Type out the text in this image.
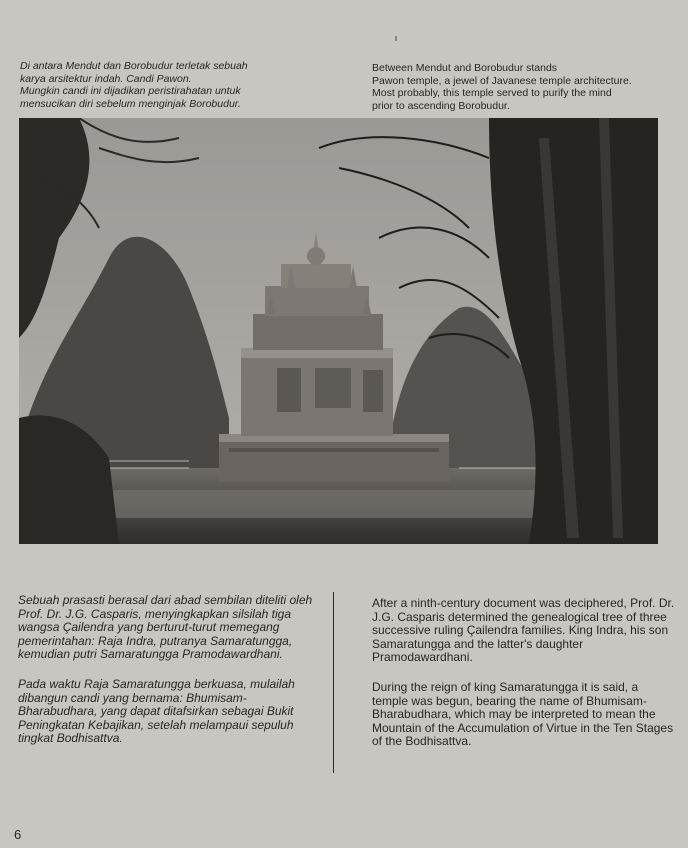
Di antara Mendut dan Borobudur terletak sebuah

karya arsitektur indah. Candi Pawon.

Mungkin candi ini dijadikan peristirahatan untuk

mensucikan diri sebelum menginjak Borobudur.

Between Mendut and Borobudur stands

Pawon temple, a jewel of Javanese temple architecture.

Most probably, this temple served to purify the mind

prior to ascending Borobudur.

Sebuah prasasti berasal dari abad sembilan diteliti oleh Prof. Dr. J.G. Casparis, menyingkapkan silsilah tiga wangsa Çailendra yang berturut-turut memegang pemerintahan: Raja Indra, putranya Samaratungga, kemudian putri Samaratungga Pramodawardhani.

Pada waktu Raja Samaratungga berkuasa, mulailah dibangun candi yang bernama: Bhumisam-Bharabudhara, yang dapat ditafsirkan sebagai Bukit Peningkatan Kebajikan, setelah melampaui sepuluh tingkat Bodhisattva.

After a ninth-century document was deciphered, Prof. Dr. J.G. Casparis determined the genealogical tree of three successive ruling Çailendra families. King Indra, his son Samaratungga and the latter's daughter Pramodawardhani.

During the reign of king Samaratungga it is said, a temple was begun, bearing the name of Bhumisam-Bharabudhara, which may be interpreted to mean the Mountain of the Accumulation of Virtue in the Ten Stages of the Bodhisattva.

6
